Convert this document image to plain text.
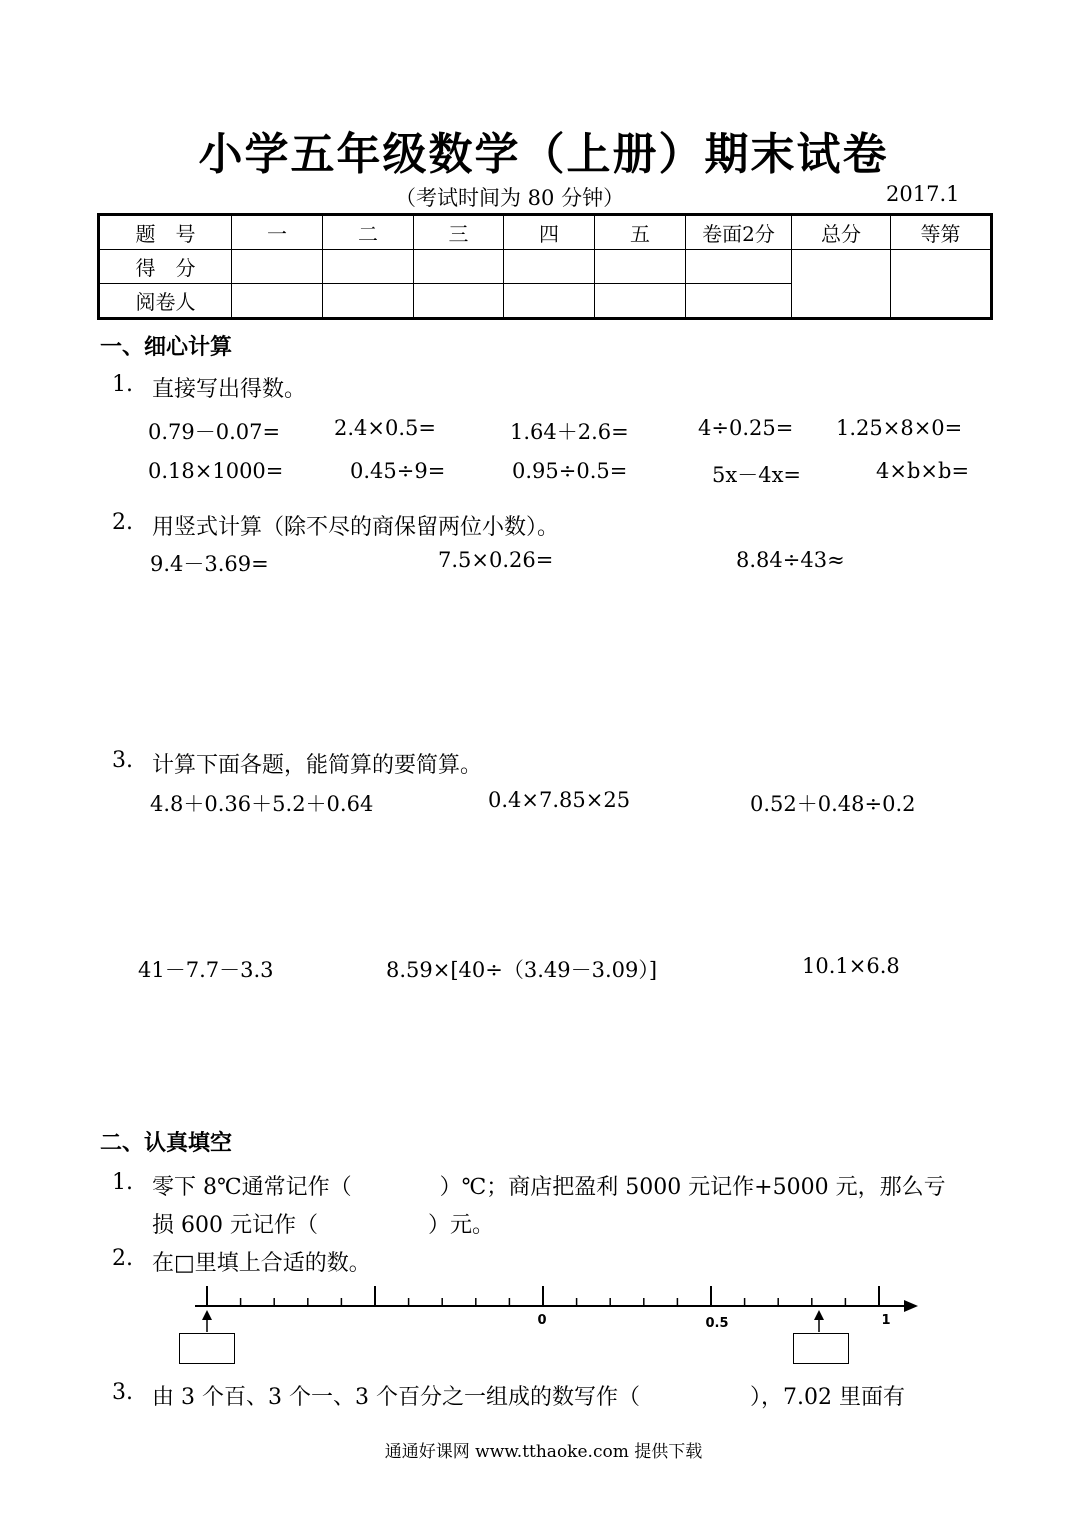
小学五年级数学（上册）期末试卷
（考试时间为 80 分钟）	2017.1
题　号	一	二	三	四	五	卷面2分	总分	等第
得　分								
阅卷人								
一、细心计算
1. 直接写出得数。
0.79－0.07=	2.4×0.5=	1.64＋2.6=	4÷0.25= 1.25×8×0=
0.18×1000=	0.45÷9=	0.95÷0.5=	5x－4x=	4×b×b=
2. 用竖式计算（除不尽的商保留两位小数）。
9.4－3.69=	7.5×0.26=	8.84÷43≈
3. 计算下面各题，能简算的要简算。
4.8＋0.36＋5.2＋0.64	0.4×7.85×25	0.52＋0.48÷0.2
41－7.7－3.3	8.59×[40÷（3.49－3.09）]	10.1×6.8
二、认真填空
1. 零下 8℃通常记作（　　　　）℃；商店把盈利 5000 元记作+5000 元，那么亏
损 600 元记作（　　　　　）元。
2. 在□里填上合适的数。
0	0.5	1
3. 由 3 个百、3 个一、3 个百分之一组成的数写作（　　　　　），7.02 里面有
通通好课网 www.tthaoke.com 提供下载
